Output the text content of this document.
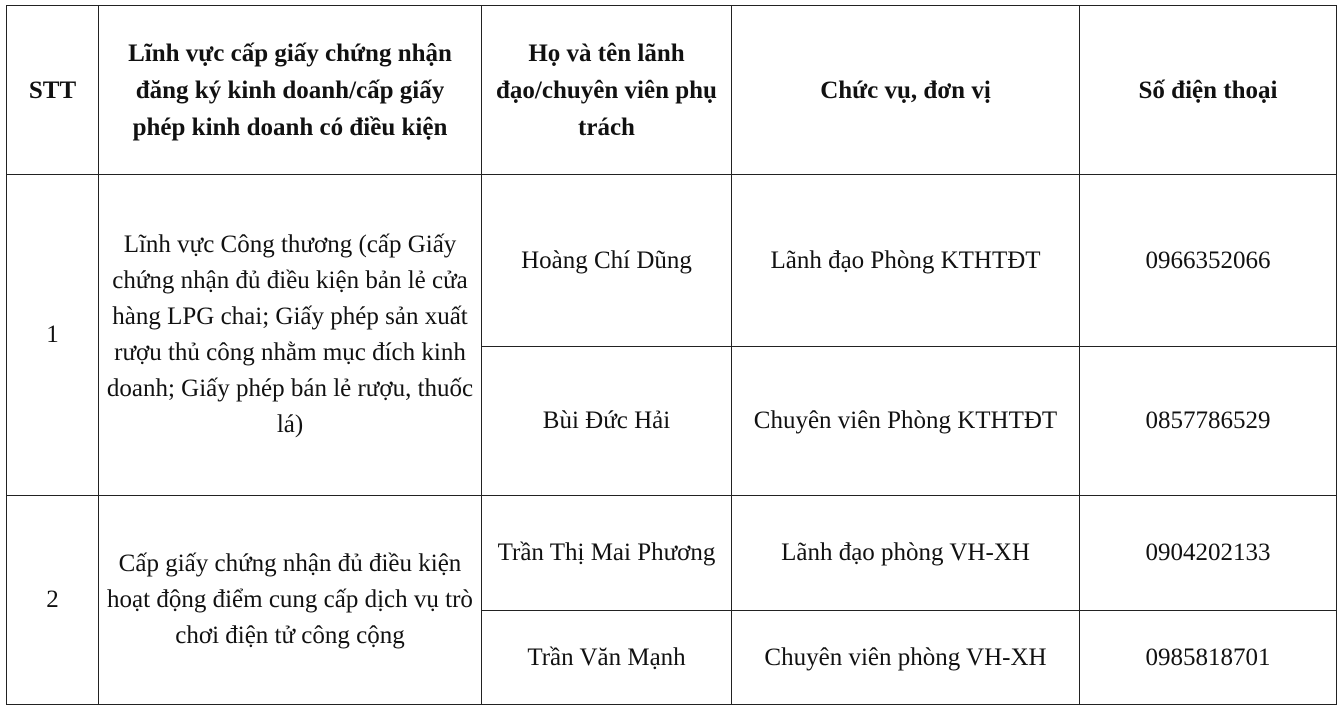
STT	Lĩnh vực cấp giấy chứng nhận đăng ký kinh doanh/cấp giấy phép kinh doanh có điều kiện	Họ và tên lãnh đạo/chuyên viên phụ trách	Chức vụ, đơn vị	Số điện thoại
1	Lĩnh vực Công thương (cấp Giấy chứng nhận đủ điều kiện bản lẻ cửa hàng LPG chai; Giấy phép sản xuất rượu thủ công nhằm mục đích kinh doanh; Giấy phép bán lẻ rượu, thuốc lá)	Hoàng Chí Dũng	Lãnh đạo Phòng KTHTĐT	0966352066
		Bùi Đức Hải	Chuyên viên Phòng KTHTĐT	0857786529
2	Cấp giấy chứng nhận đủ điều kiện hoạt động điểm cung cấp dịch vụ trò chơi điện tử công cộng	Trần Thị Mai Phương	Lãnh đạo phòng VH-XH	0904202133
		Trần Văn Mạnh	Chuyên viên phòng VH-XH	0985818701
